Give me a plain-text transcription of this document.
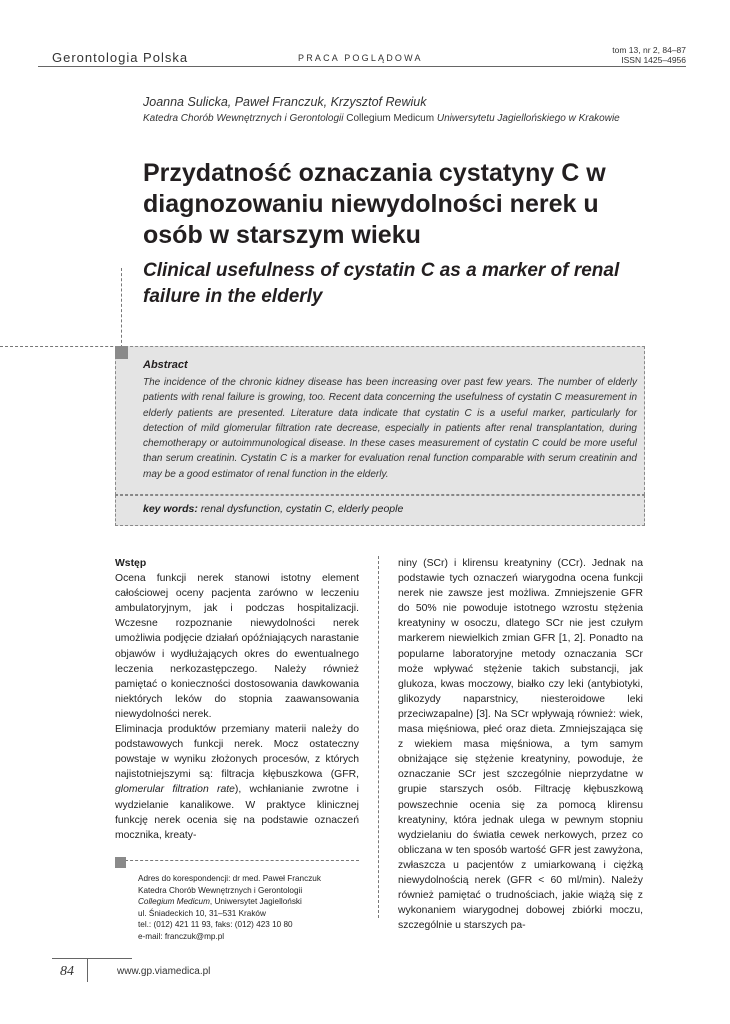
Gerontologia Polska	PRACA POGLĄDOWA
tom 13, nr 2, 84–87
ISSN 1425–4956
Joanna Sulicka, Paweł Franczuk, Krzysztof Rewiuk
Katedra Chorób Wewnętrznych i Gerontologii Collegium Medicum Uniwersytetu Jagiellońskiego w Krakowie
Przydatność oznaczania cystatyny C w diagnozowaniu niewydolności nerek u osób w starszym wieku
Clinical usefulness of cystatin C as a marker of renal failure in the elderly
Abstract
The incidence of the chronic kidney disease has been increasing over past few years. The number of elderly patients with renal failure is growing, too. Recent data concerning the usefulness of cystatin C measurement in elderly patients are presented. Literature data indicate that cystatin C is a useful marker, particularly for detection of mild glomerular filtration rate decrease, especially in patients after renal transplantation, during chemotherapy or autoimmunological disease. In these cases measurement of cystatin C could be more useful than serum creatinin. Cystatin C is a marker for evaluation renal function comparable with serum creatinin and may be a good estimator of renal function in the elderly.
key words: renal dysfunction, cystatin C, elderly people

Wstęp

Ocena funkcji nerek stanowi istotny element całościowej oceny pacjenta zarówno w leczeniu ambulatoryjnym, jak i podczas hospitalizacji. Wczesne rozpoznanie niewydolności nerek umożliwia podjęcie działań opóźniających narastanie objawów i wydłużających okres do ewentualnego leczenia nerkozastępczego. Należy również pamiętać o konieczności dostosowania dawkowania niektórych leków do stopnia zaawansowania niewydolności nerek.

Eliminacja produktów przemiany materii należy do podstawowych funkcji nerek. Mocz ostateczny powstaje w wyniku złożonych procesów, z których najistotniejszymi są: filtracja kłębuszkowa (GFR, glomerular filtration rate), wchłanianie zwrotne i wydzielanie kanalikowe. W praktyce klinicznej funkcję nerek ocenia się na podstawie oznaczeń mocznika, kreaty-

niny (SCr) i klirensu kreatyniny (CCr). Jednak na podstawie tych oznaczeń wiarygodna ocena funkcji nerek nie zawsze jest możliwa. Zmniejszenie GFR do 50% nie powoduje istotnego wzrostu stężenia kreatyniny w osoczu, dlatego SCr nie jest czułym markerem niewielkich zmian GFR [1, 2]. Ponadto na popularne laboratoryjne metody oznaczania SCr może wpływać stężenie takich substancji, jak glukoza, kwas moczowy, białko czy leki (antybiotyki, glikozydy naparstnicy, niesteroidowe leki przeciwzapalne) [3]. Na SCr wpływają również: wiek, masa mięśniowa, płeć oraz dieta. Zmniejszająca się z wiekiem masa mięśniowa, a tym samym obniżające się stężenie kreatyniny, powoduje, że oznaczanie SCr jest szczególnie nieprzydatne w grupie starszych osób. Filtrację kłębuszkową powszechnie ocenia się za pomocą klirensu kreatyniny, która jednak ulega w pewnym stopniu wydzielaniu do światła cewek nerkowych, przez co obliczana w ten sposób wartość GFR jest zawyżona, zwłaszcza u pacjentów z umiarkowaną i ciężką niewydolnością nerek (GFR < 60 ml/min). Należy również pamiętać o trudnościach, jakie wiążą się z wykonaniem wiarygodnej dobowej zbiórki moczu, szczególnie u starszych pa-

Adres do korespondencji: dr med. Paweł Franczuk
Katedra Chorób Wewnętrznych i Gerontologii
Collegium Medicum, Uniwersytet Jagielloński
ul. Śniadeckich 10, 31–531 Kraków
tel.: (012) 421 11 93, faks: (012) 423 10 80
e-mail: franczuk@mp.pl
84	www.gp.viamedica.pl
